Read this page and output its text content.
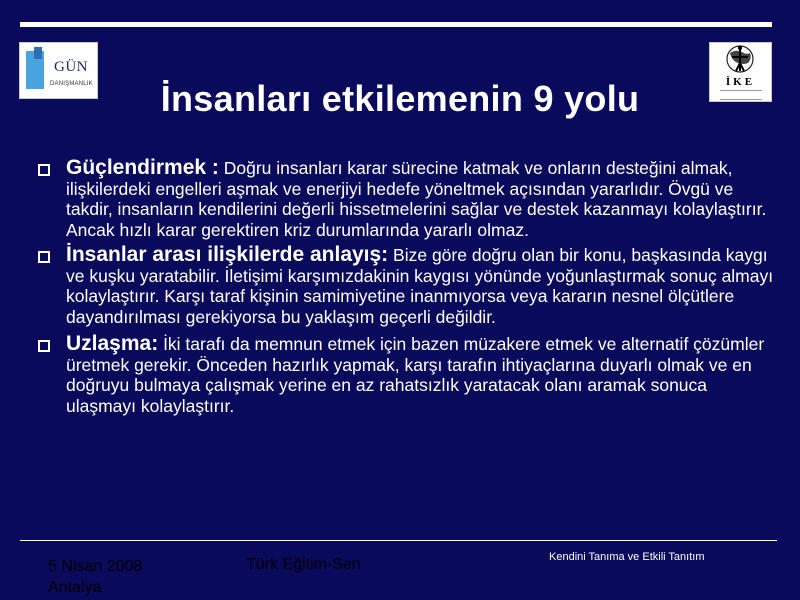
GÜN
DANIŞMANLIK	İKE
İnsanları etkilemenin 9 yolu
Güçlendirmek : Doğru insanları karar sürecine katmak ve onların desteğini almak, ilişkilerdeki engelleri aşmak ve enerjiyi hedefe yöneltmek açısından yararlıdır. Övgü ve takdir, insanların kendilerini değerli hissetmelerini sağlar ve destek kazanmayı kolaylaştırır. Ancak hızlı karar gerektiren kriz durumlarında yararlı olmaz.
İnsanlar arası ilişkilerde anlayış: Bize göre doğru olan bir konu, başkasında kaygı ve kuşku yaratabilir. İletişimi karşımızdakinin kaygısı yönünde yoğunlaştırmak sonuç almayı kolaylaştırır. Karşı taraf kişinin samimiyetine inanmıyorsa veya kararın nesnel ölçütlere dayandırılması gerekiyorsa bu yaklaşım geçerli değildir.
Uzlaşma: İki tarafı da memnun etmek için bazen müzakere etmek ve alternatif çözümler üretmek gerekir. Önceden hazırlık yapmak, karşı tarafın ihtiyaçlarına duyarlı olmak ve en doğruyu bulmaya çalışmak yerine en az rahatsızlık yaratacak olanı aramak sonuca ulaşmayı kolaylaştırır.
5 Nisan 2008
Antalya
Türk Eğitim-Sen	Kendini Tanıma ve Etkili Tanıtım
